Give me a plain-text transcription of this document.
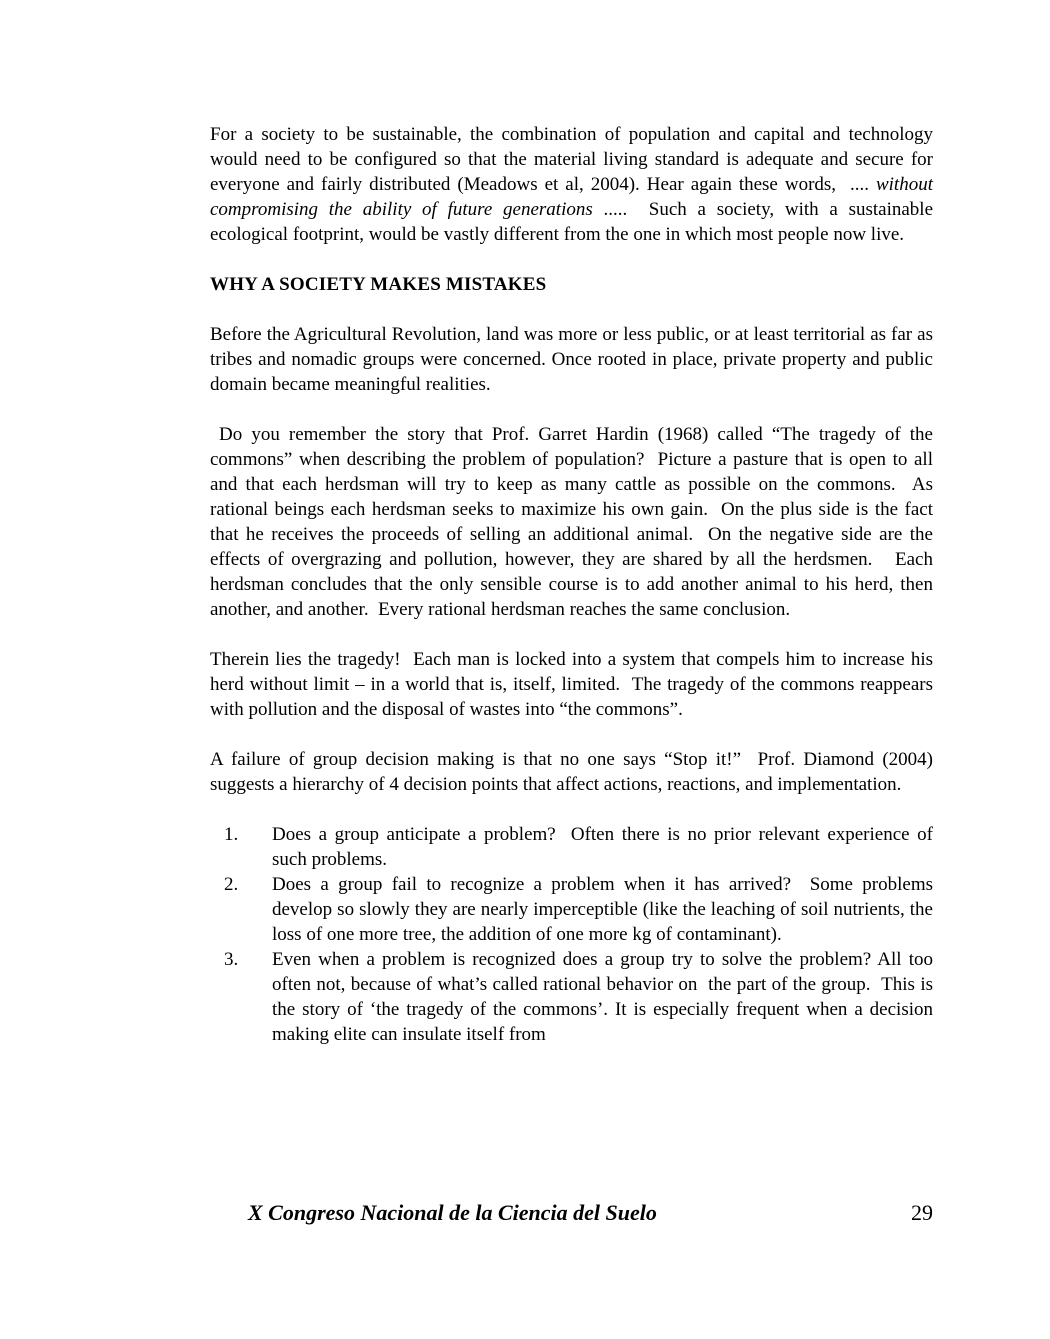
For a society to be sustainable, the combination of population and capital and technology would need to be configured so that the material living standard is adequate and secure for everyone and fairly distributed (Meadows et al, 2004). Hear again these words,  .... without compromising the ability of future generations .....  Such a society, with a sustainable ecological footprint, would be vastly different from the one in which most people now live.

WHY A SOCIETY MAKES MISTAKES

Before the Agricultural Revolution, land was more or less public, or at least territorial as far as tribes and nomadic groups were concerned. Once rooted in place, private property and public domain became meaningful realities.

Do you remember the story that Prof. Garret Hardin (1968) called “The tragedy of the commons” when describing the problem of population?  Picture a pasture that is open to all and that each herdsman will try to keep as many cattle as possible on the commons.  As rational beings each herdsman seeks to maximize his own gain.  On the plus side is the fact that he receives the proceeds of selling an additional animal.  On the negative side are the effects of overgrazing and pollution, however, they are shared by all the herdsmen.   Each herdsman concludes that the only sensible course is to add another animal to his herd, then another, and another.  Every rational herdsman reaches the same conclusion.

Therein lies the tragedy!  Each man is locked into a system that compels him to increase his herd without limit – in a world that is, itself, limited.  The tragedy of the commons reappears with pollution and the disposal of wastes into “the commons”.

A failure of group decision making is that no one says “Stop it!”  Prof. Diamond (2004) suggests a hierarchy of 4 decision points that affect actions, reactions, and implementation.

1.	Does a group anticipate a problem?  Often there is no prior relevant experience of such problems.
2.	Does a group fail to recognize a problem when it has arrived?  Some problems develop so slowly they are nearly imperceptible (like the leaching of soil nutrients, the loss of one more tree, the addition of one more kg of contaminant).
3.	Even when a problem is recognized does a group try to solve the problem? All too often not, because of what’s called rational behavior on  the part of the group.  This is the story of ‘the tragedy of the commons’. It is especially frequent when a decision making elite can insulate itself from
X Congreso Nacional de la Ciencia del Suelo	29
